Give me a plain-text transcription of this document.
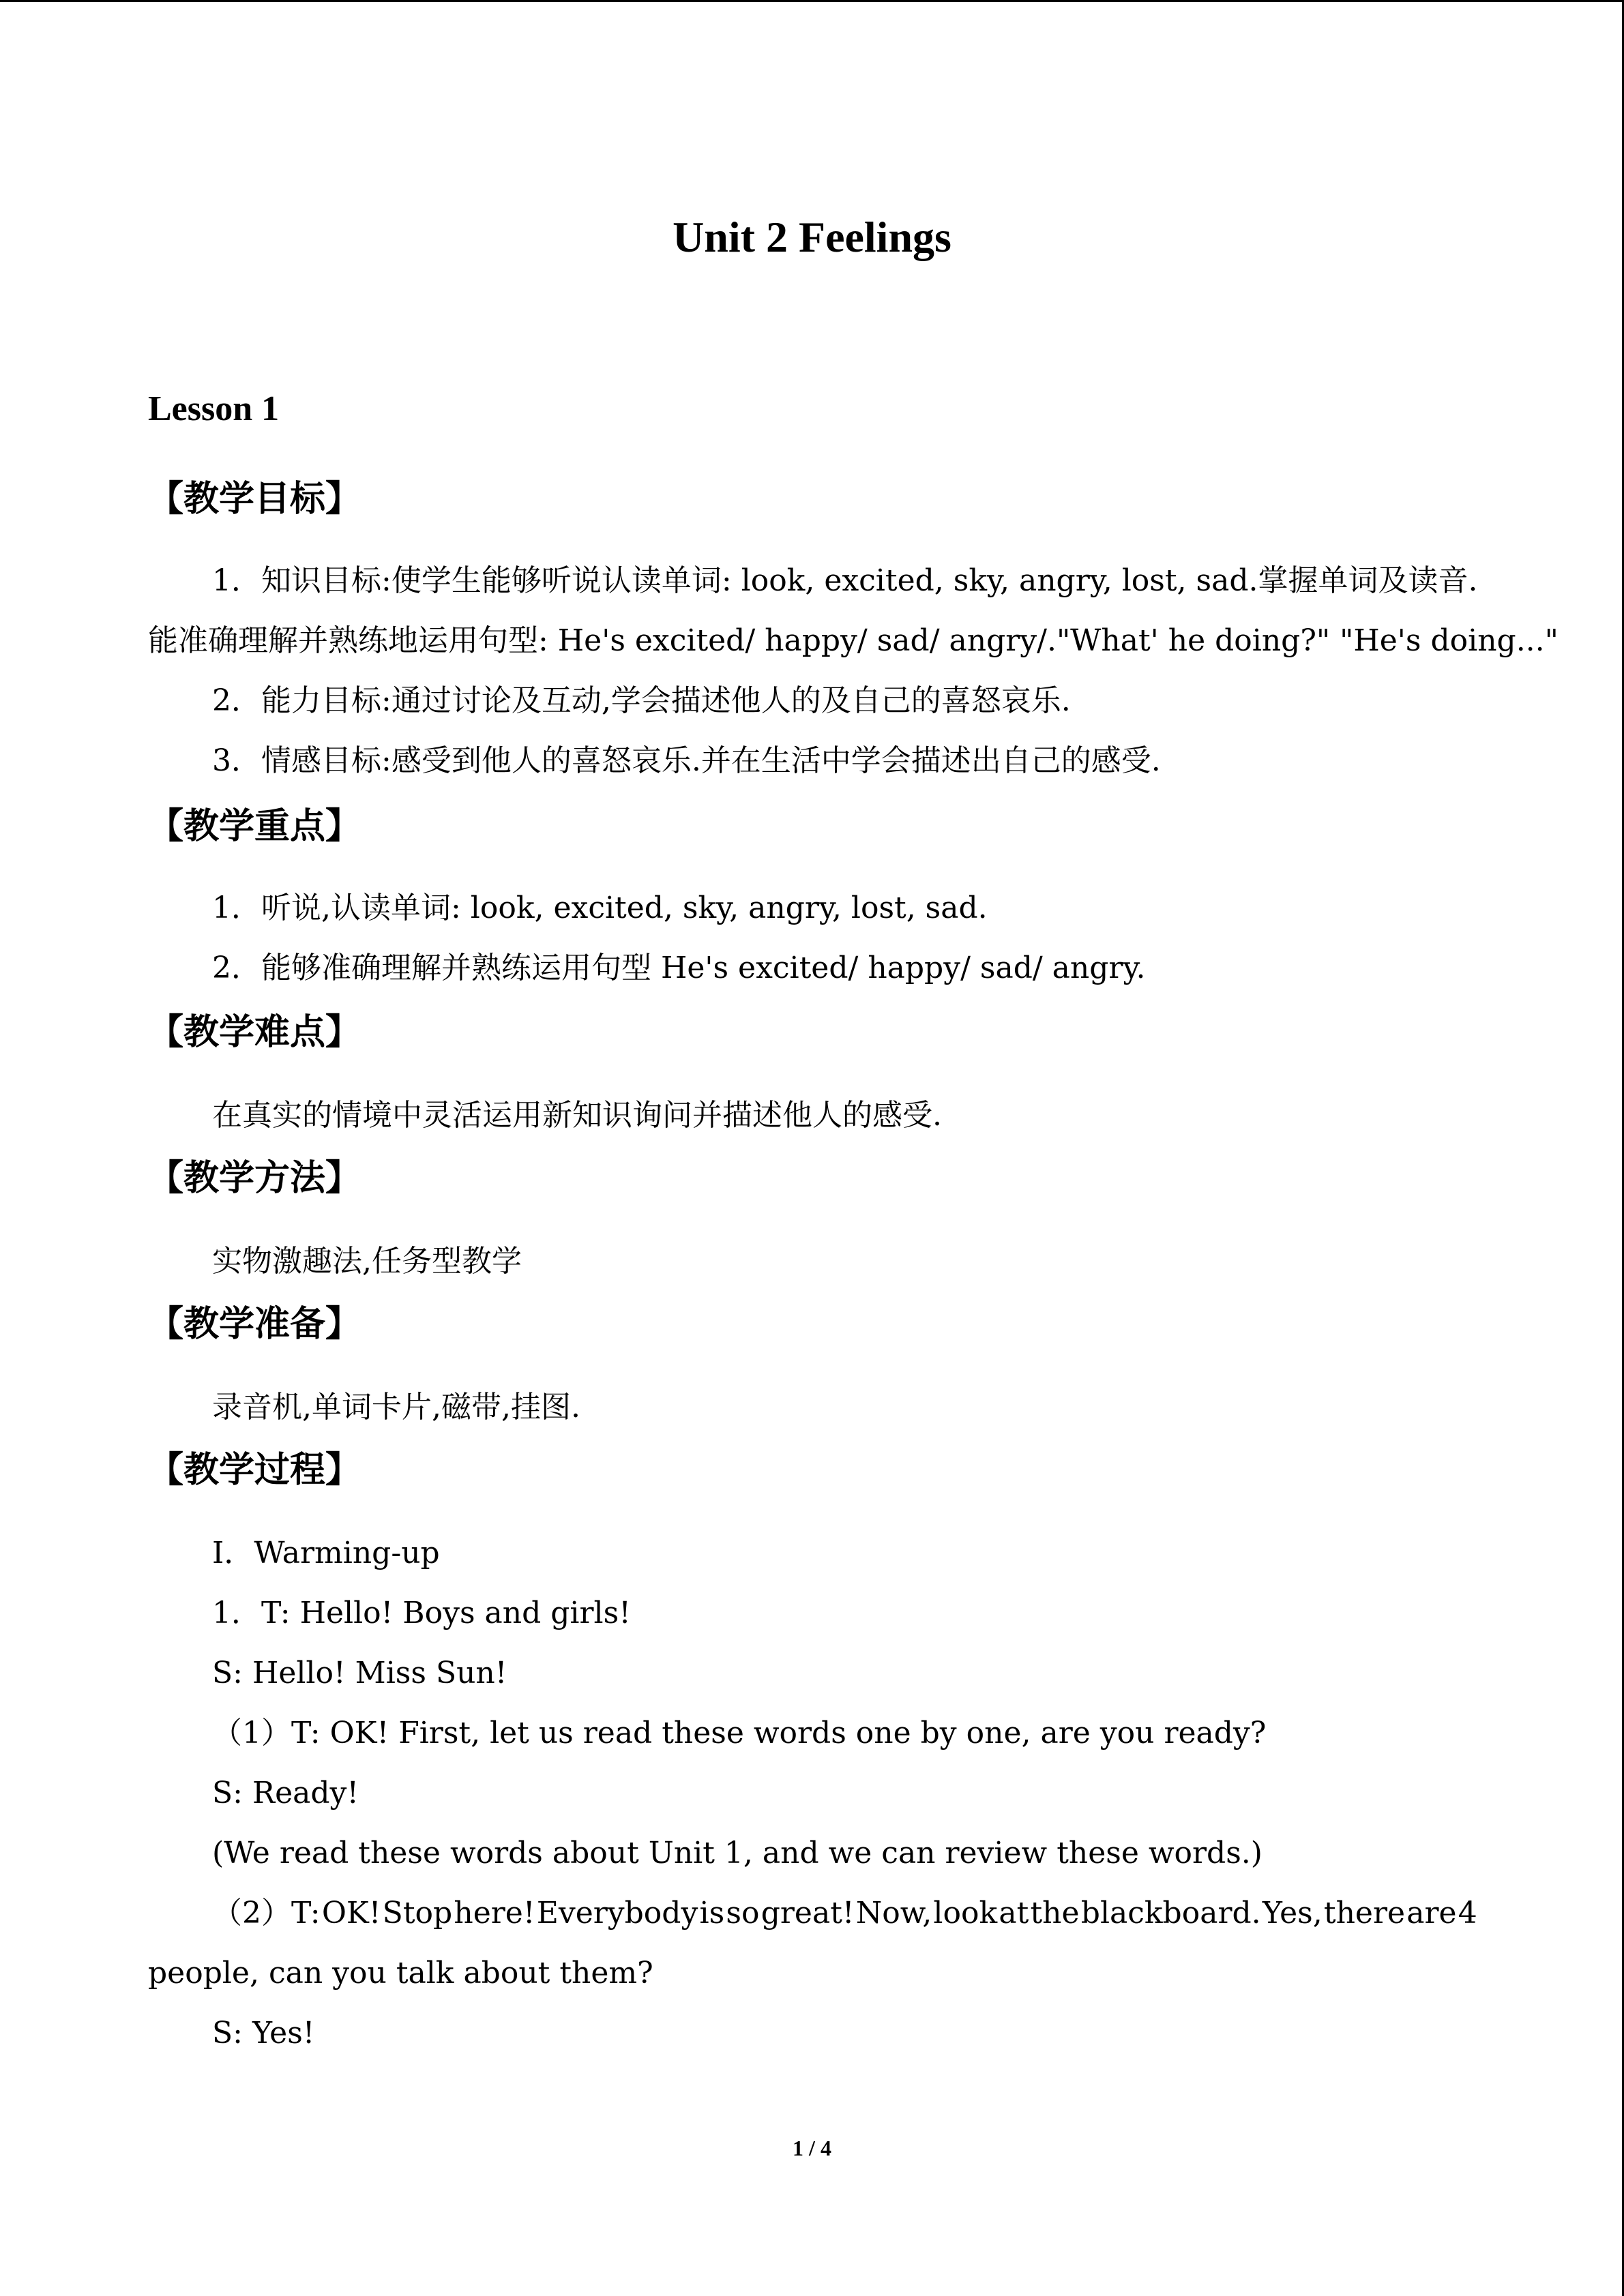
Unit 2 Feelings
Lesson 1
【教学目标】
1．知识目标:使学生能够听说认读单词: look, excited, sky, angry, lost, sad.掌握单词及读音.
能准确理解并熟练地运用句型: He's excited/ happy/ sad/ angry/."What' he doing?" "He's doing..."
2．能力目标:通过讨论及互动,学会描述他人的及自己的喜怒哀乐.
3．情感目标:感受到他人的喜怒哀乐.并在生活中学会描述出自己的感受.
【教学重点】
1．听说,认读单词: look, excited, sky, angry, lost, sad.
2．能够准确理解并熟练运用句型 He's excited/ happy/ sad/ angry.
【教学难点】
在真实的情境中灵活运用新知识询问并描述他人的感受.
【教学方法】
实物激趣法,任务型教学
【教学准备】
录音机,单词卡片,磁带,挂图.
【教学过程】
Ⅰ．Warming-up
1．T: Hello! Boys and girls!
S: Hello! Miss Sun!
（1）T: OK! First, let us read these words one by one, are you ready?
S: Ready!
(We read these words about Unit 1, and we can review these words.)
（2）T: OK! Stop here! Everybody is so great! Now, look at the blackboard. Yes, there are 4
people, can you talk about them?
S: Yes!
1 / 4
